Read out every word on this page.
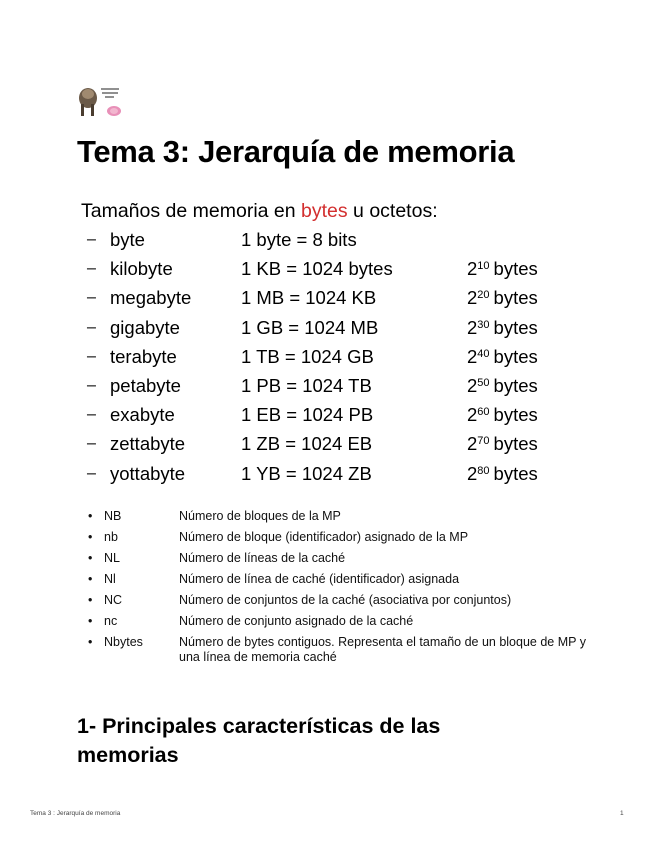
Tema 3: Jerarquía de memoria
Tamaños de memoria en bytes u octetos:
− byte	1 byte = 8 bits
− kilobyte	1 KB = 1024 bytes	$2^{10}$ bytes
− megabyte	1 MB = 1024 KB	$2^{20}$ bytes
− gigabyte	1 GB = 1024 MB	$2^{30}$ bytes
− terabyte	1 TB = 1024 GB	$2^{40}$ bytes
− petabyte	1 PB = 1024 TB	$2^{50}$ bytes
− exabyte	1 EB = 1024 PB	$2^{60}$ bytes
− zettabyte	1 ZB = 1024 EB	$2^{70}$ bytes
− yottabyte	1 YB = 1024 ZB	$2^{80}$ bytes
• NB	Número de bloques de la MP
• nb	Número de bloque (identificador) asignado de la MP
• NL	Número de líneas de la caché
• Nl	Número de línea de caché (identificador) asignada
• NC	Número de conjuntos de la caché (asociativa por conjuntos)
• nc	Número de conjunto asignado de la caché
• Nbytes	Número de bytes contiguos. Representa el tamaño de un bloque de MP y una línea de memoria caché
1- Principales características de las memorias
Tema 3 : Jerarquía de memoria	1
